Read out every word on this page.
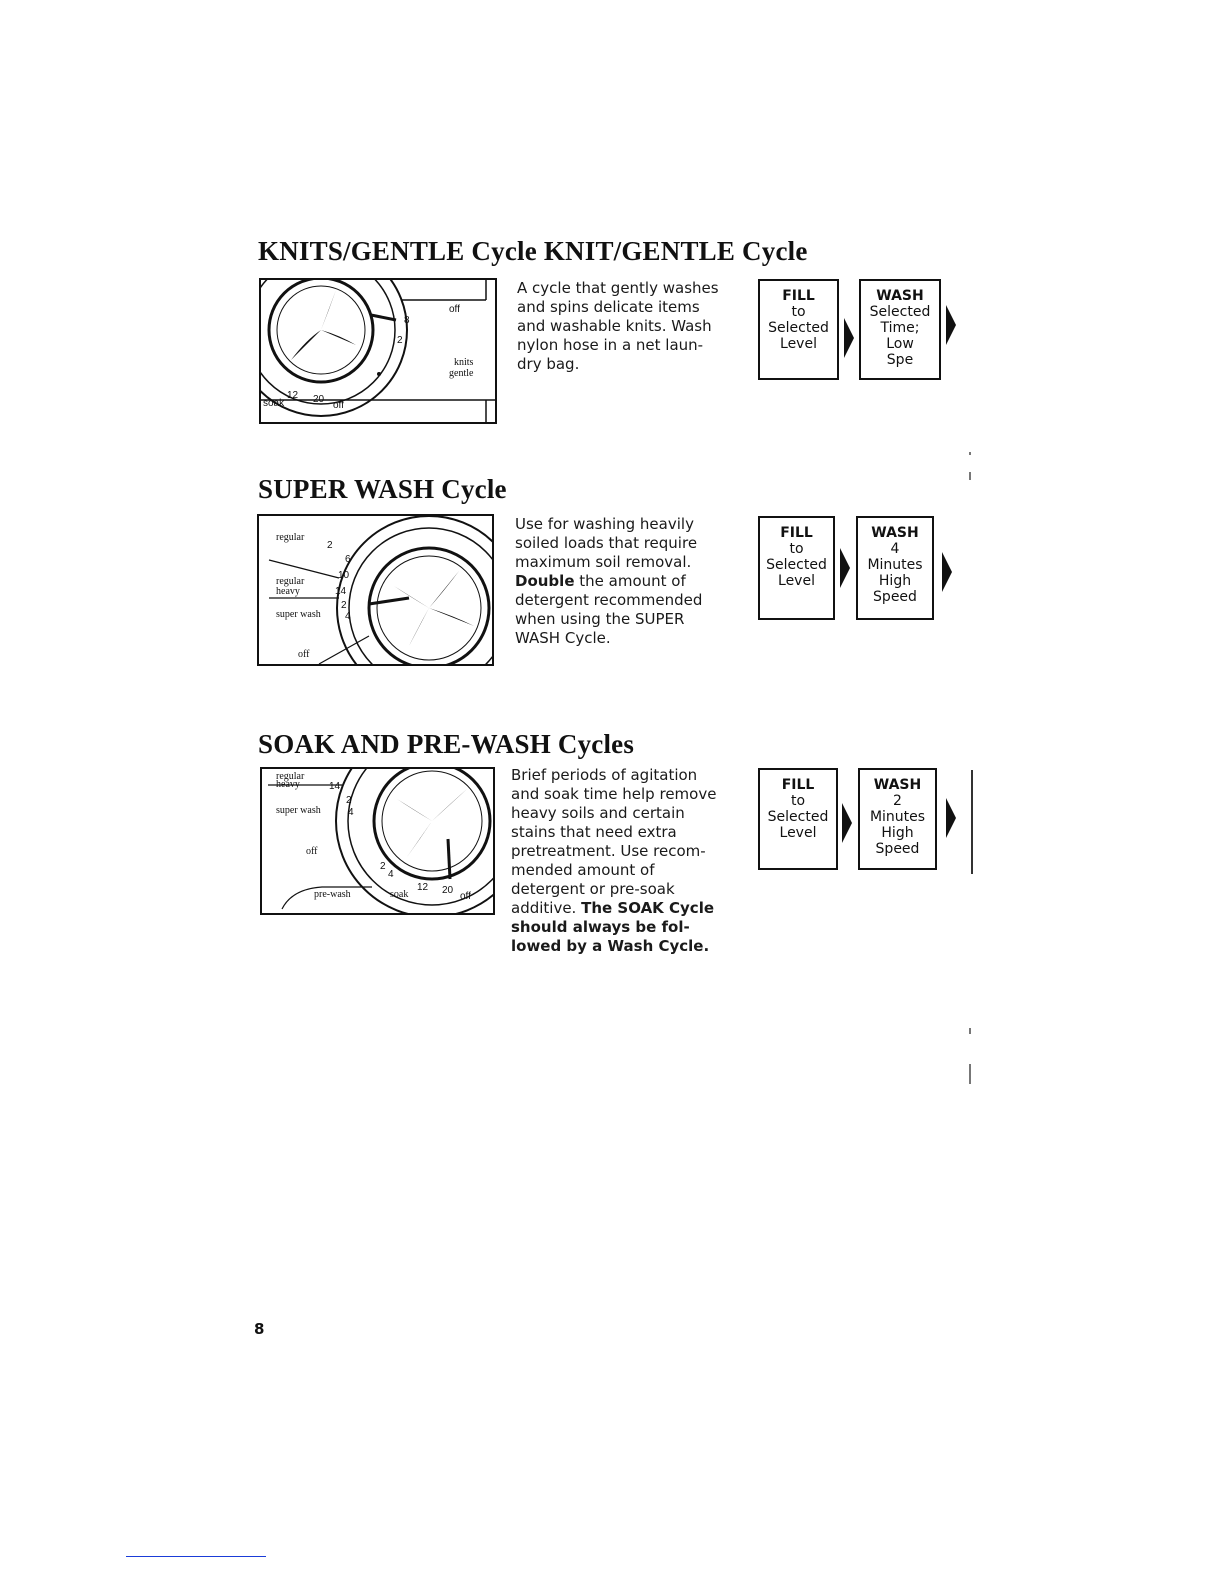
KNITS/GENTLE Cycle KNIT/GENTLE Cycle
off
8
2
knits
gentle
soak
12 20
off
A cycle that gently washes
and spins delicate items
and washable knits. Wash
nylon hose in a net laun-
dry bag.
FILL
to
Selected
Level
WASH
Selected
Time;
Low
Spe
SUPER WASH Cycle
regular
2
6
10
14
2
4
regular
heavy
super wash
off
Use for washing heavily
soiled loads that require
maximum soil removal.
Double the amount of
detergent recommended
when using the SUPER
WASH Cycle.
FILL
to
Selected
Level
WASH
4
Minutes
High
Speed
SOAK AND PRE-WASH Cycles
regular
heavy	14
2
4
super wash
off
2
4
pre-wash	soak
12 20
off
Brief periods of agitation
and soak time help remove
heavy soils and certain
stains that need extra
pretreatment. Use recom-
mended amount of
detergent or pre-soak
additive. The SOAK Cycle
should always be fol-
lowed by a Wash Cycle.
FILL
to
Selected
Level
WASH
2
Minutes
High
Speed
8
